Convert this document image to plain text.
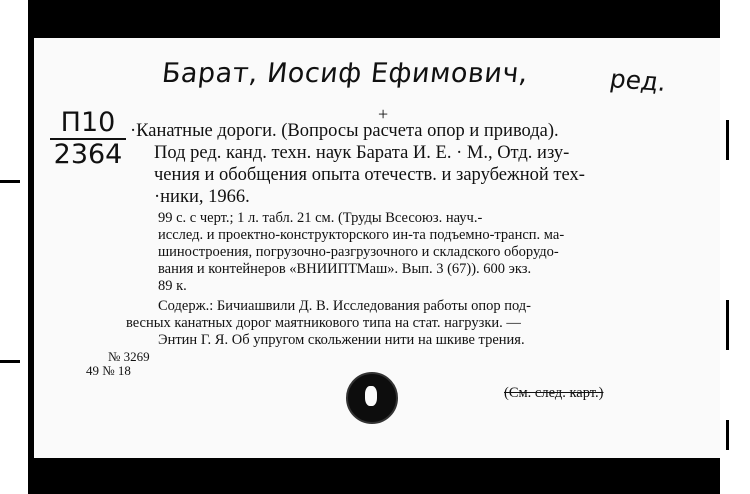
Барат, Иосиф Ефимович,	ред.
+
П10
2364

·Канатные дороги. (Вопросы расчета опор и привода).

Под ред. канд. техн. наук Барата И. Е. · М., Отд. изу-

чения и обобщения опыта отечеств. и зарубежной тех-

·ники, 1966.

99 с. с черт.; 1 л. табл. 21 см. (Труды Всесоюз. науч.-

исслед. и проектно-конструкторского ин-та подъемно-трансп. ма-

шиностроения, погрузочно-разгрузочного и складского оборудо-

вания и контейнеров «ВНИИПТМаш». Вып. 3 (67)). 600 экз.

89 к.

Содерж.: Бичиашвили Д. В. Исследования работы опор под-

весных канатных дорог маятникового типа на стат. нагрузки. —

Энтин Г. Я. Об упругом скольжении нити на шкиве трения.

№ 3269
49 № 18
(См. след. карт.)
